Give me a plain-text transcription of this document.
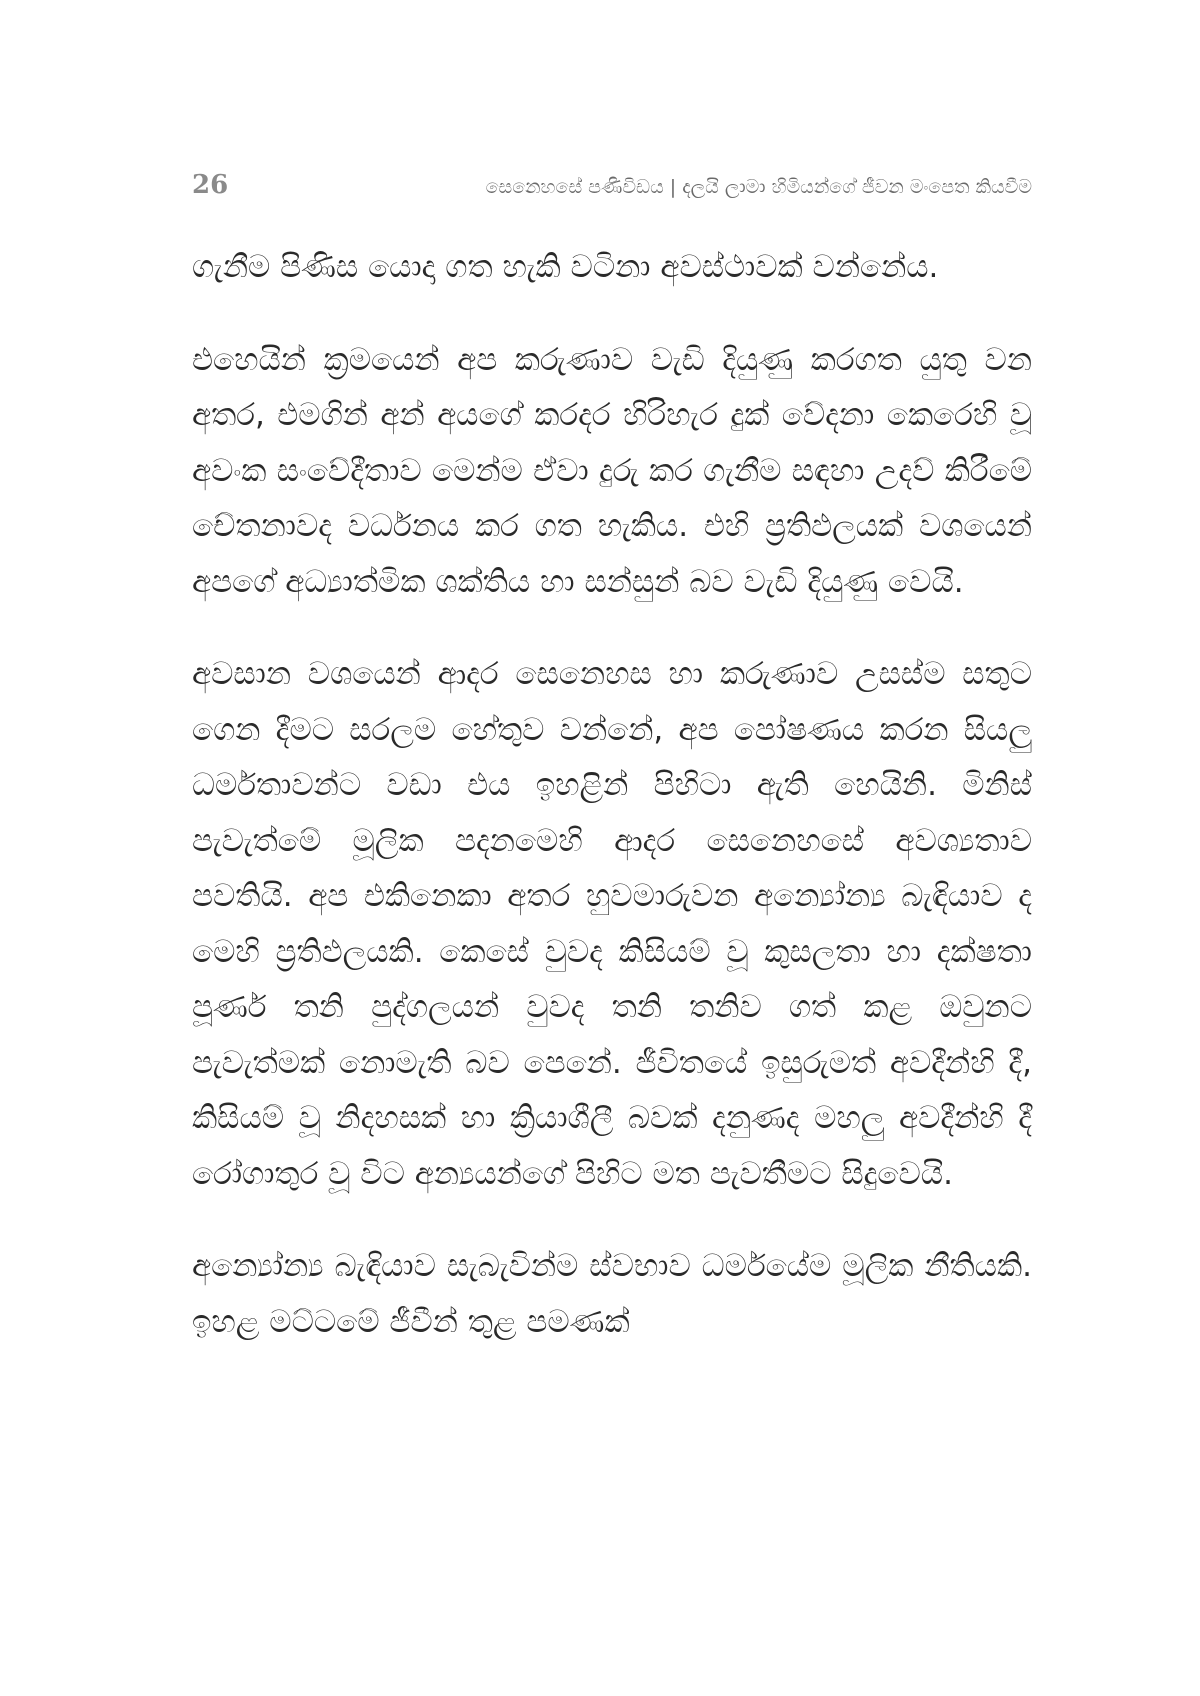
26	සෙනෙහසේ පණිවිඩය | දලයි ලාමා හිමියන්ගේ ජීවන මංපෙත කියවීම

ගැනීම පිණිස යොදා ගත හැකි වටිනා අවස්ථාවක් වන්නේය.

එහෙයින් ක්‍රමයෙන් අප කරුණාව වැඩි දියුණු කරගත යුතු වන අතර, එමගින් අන් අයගේ කරදර හිරිහැර දුක් වේදනා කෙරෙහි වූ අවංක සංවේදීතාව මෙන්ම ඒවා දුරු කර ගැනීම සඳහා උදව් කිරීමේ චේතනාවද වර්ධනය කර ගත හැකිය. එහි ප්‍රතිඵලයක් වශයෙන් අපගේ අධ්‍යාත්මික ශක්තිය හා සන්සුන් බව වැඩි දියුණු වෙයි.

අවසාන වශයෙන් ආදර සෙනෙහස හා කරුණාව උසස්ම සතුට ගෙන දීමට සරලම හේතුව වන්නේ, අප පෝෂණය කරන සියලු ධර්මතාවන්ට වඩා එය ඉහළින් පිහිටා ඇති හෙයිනි. මිනිස් පැවැත්මේ මූලික පදනමෙහි ආදර සෙනෙහසේ අවශ්‍යතාව පවතියි. අප එකිනෙකා අතර හුවමාරුවන අන්‍යෝන්‍ය බැඳියාව ද මෙහි ප්‍රතිඵලයකි. කෙසේ වුවද කිසියම් වූ කුසලතා හා දක්ෂතා පූර්ණ තනි පුද්ගලයන් වුවද තනි තනිව ගත් කළ ඔවුනට පැවැත්මක් නොමැති බව පෙනේ. ජීවිතයේ ඉසුරුමත් අවදීන්හි දී, කිසියම් වූ නිදහසක් හා ක්‍රියාශීලී බවක් දනුණද මහලු අවදීන්හි දී රෝගාතුර වූ විට අන්‍යයන්ගේ පිහිට මත පැවතීමට සිදුවෙයි.

අන්‍යෝන්‍ය බැඳියාව සැබැවින්ම ස්වභාව ධර්මයේම මූලික නීතියකි. ඉහළ මට්ටමේ ජීවීන් තුළ පමණක්
